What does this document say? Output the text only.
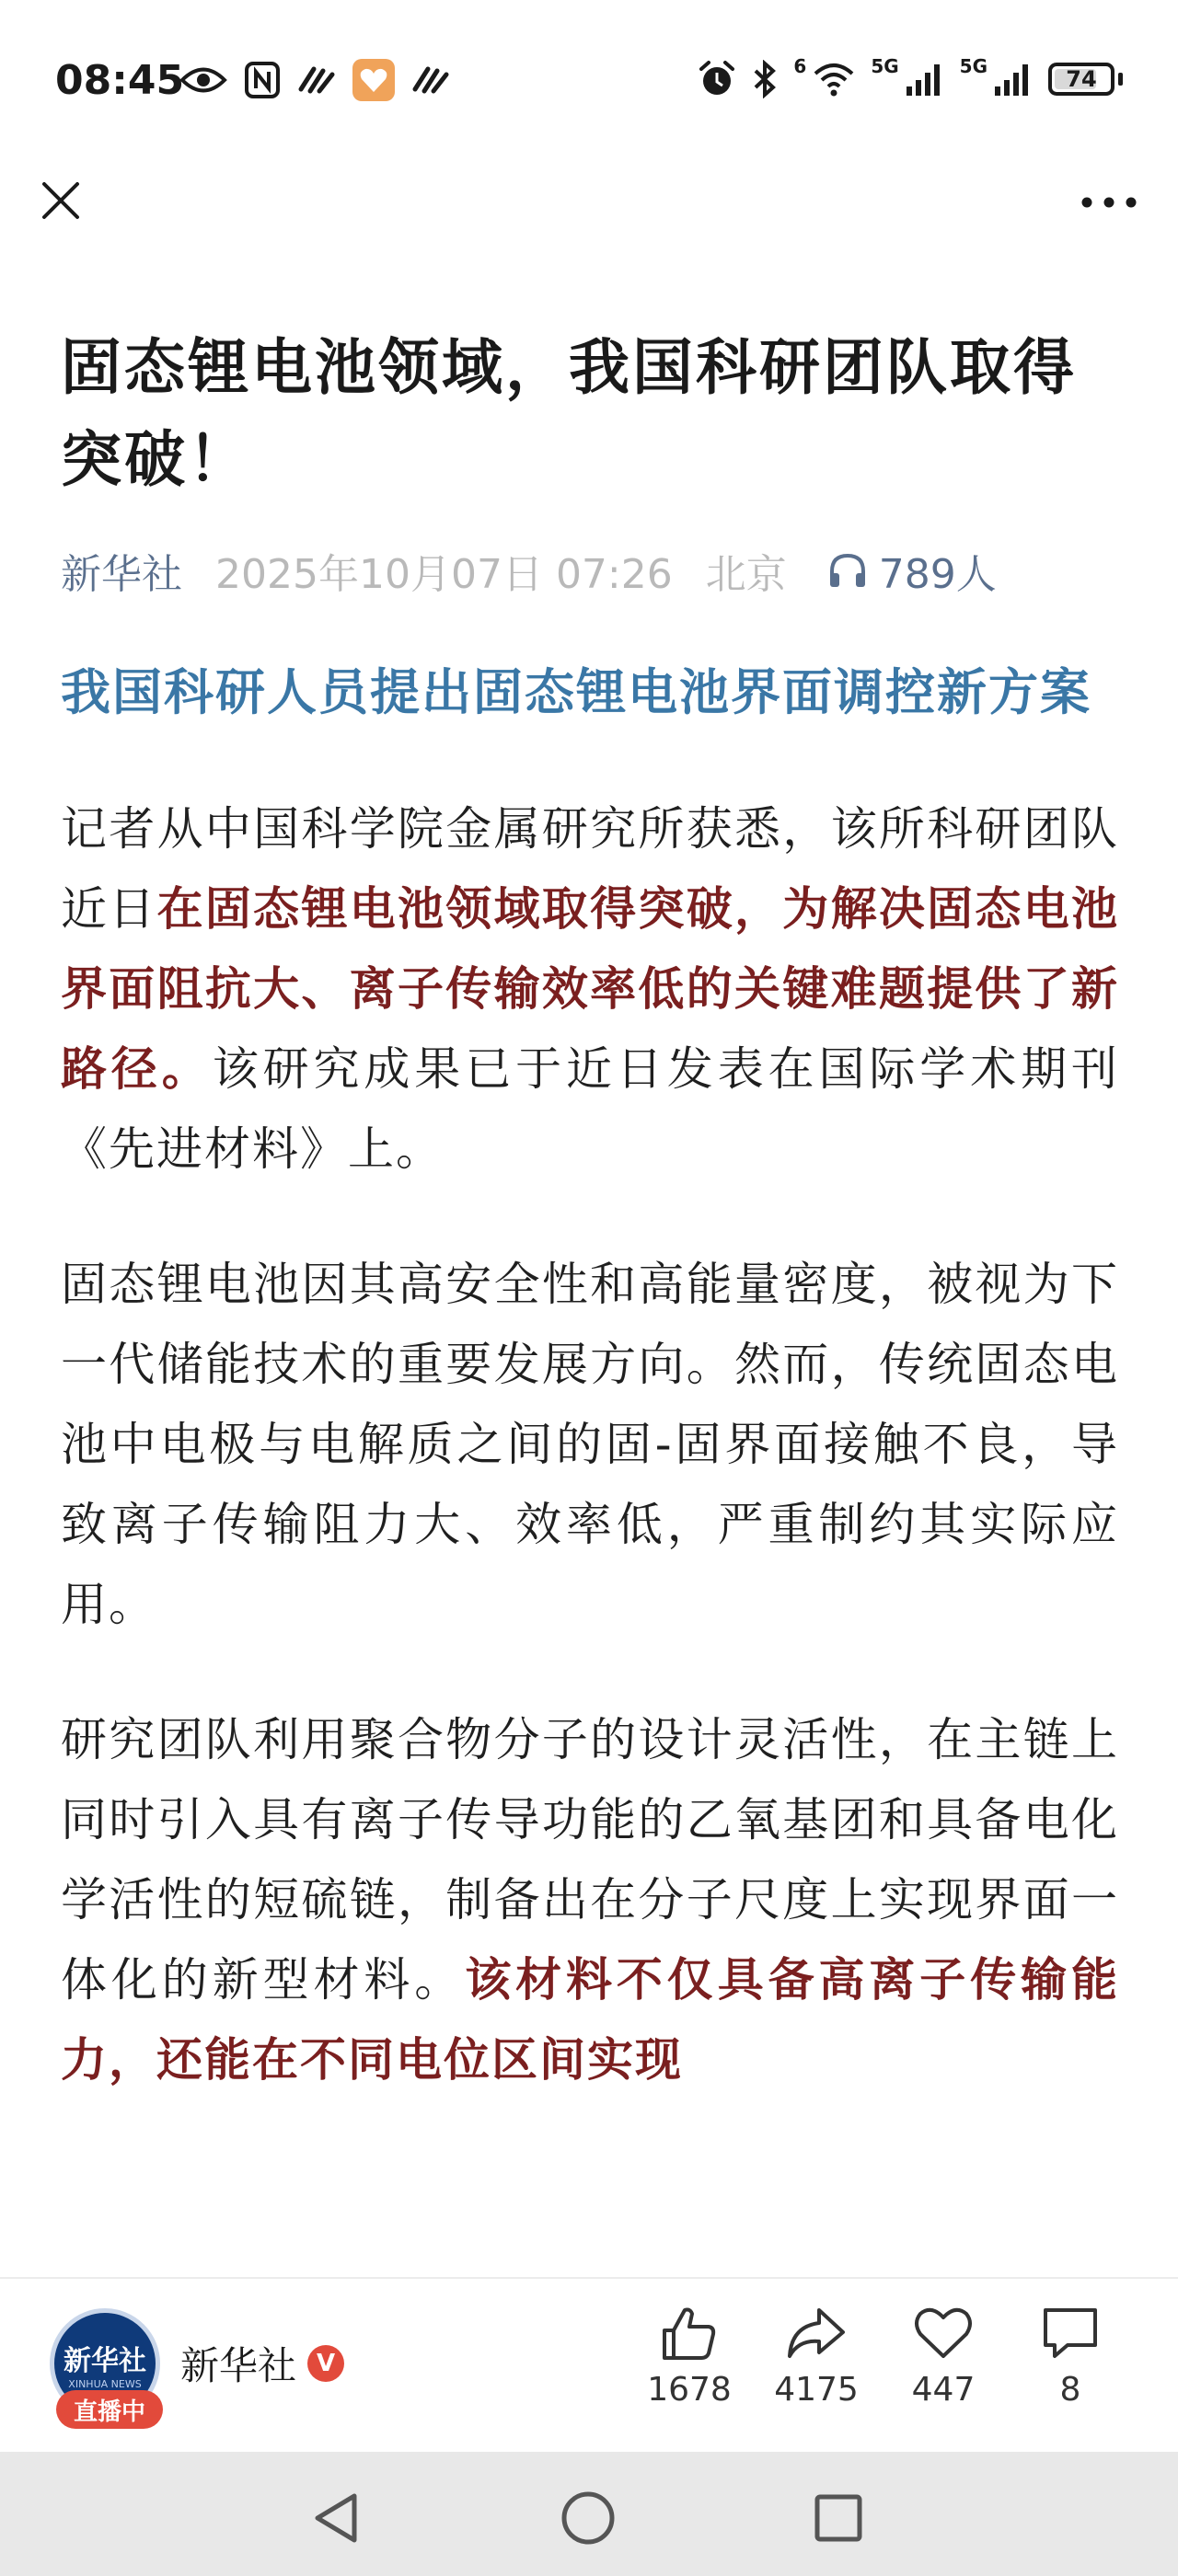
08:45	6	5G	5G	74
固态锂电池领域，我国科研团队取得突破！
新华社 2025年10月07日 07:26 北京 789人
我国科研人员提出固态锂电池界面调控新方案

记者从中国科学院金属研究所获悉，该所科研团队近日在固态锂电池领域取得突破，为解决固态电池界面阻抗大、离子传输效率低的关键难题提供了新路径。该研究成果已于近日发表在国际学术期刊《先进材料》上。

固态锂电池因其高安全性和高能量密度，被视为下一代储能技术的重要发展方向。然而，传统固态电池中电极与电解质之间的固-固界面接触不良，导致离子传输阻力大、效率低，严重制约其实际应用。

研究团队利用聚合物分子的设计灵活性，在主链上同时引入具有离子传导功能的乙氧基团和具备电化学活性的短硫链，制备出在分子尺度上实现界面一体化的新型材料。该材料不仅具备高离子传输能力，还能在不同电位区间实现

新华社
XINHUA NEWS
直播中
新华社 V
1678 4175 447	8
